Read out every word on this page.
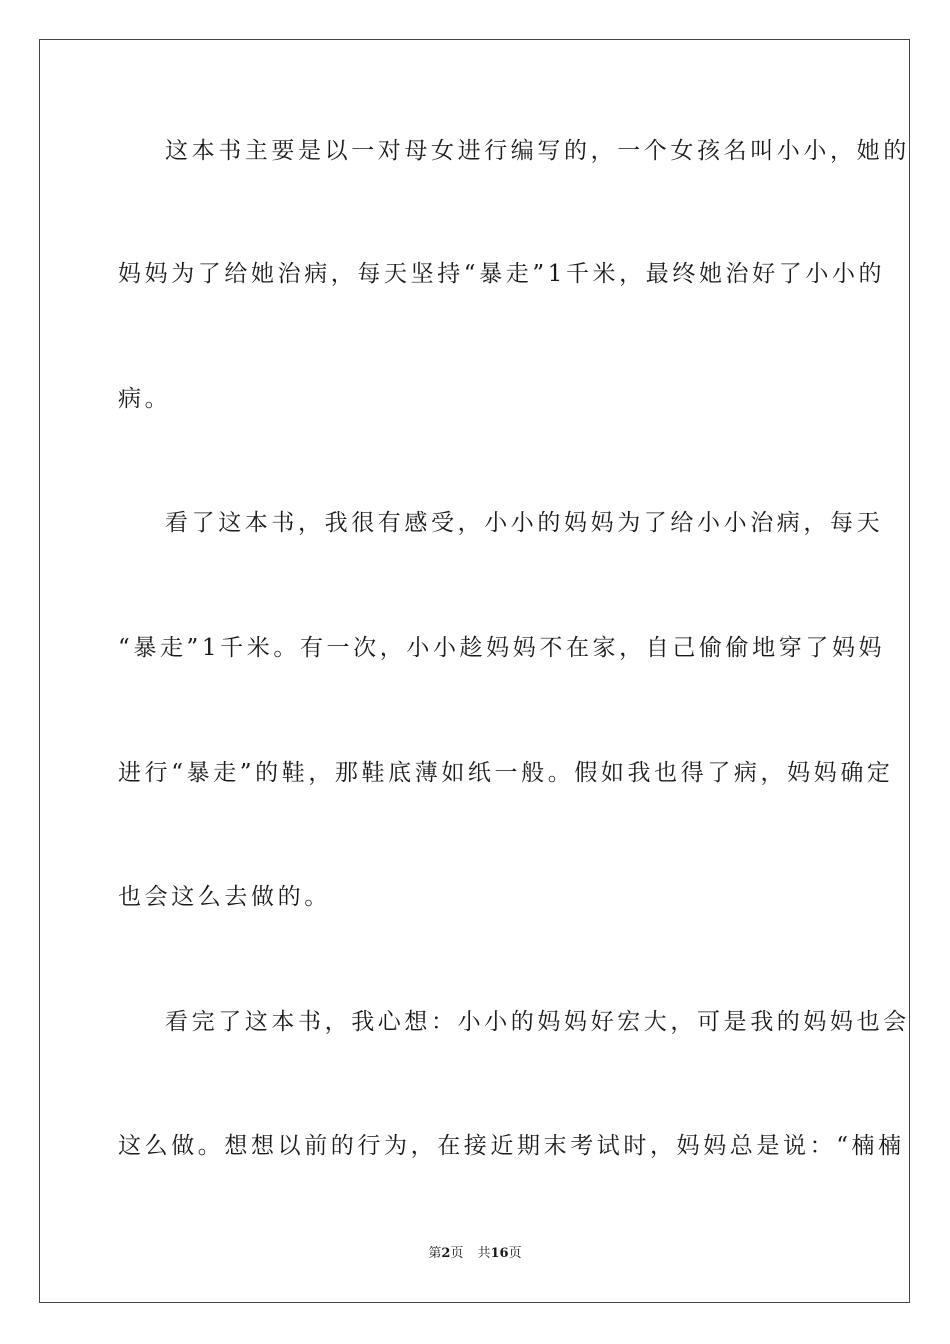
这本书主要是以一对母女进行编写的，一个女孩名叫小小，她的
妈妈为了给她治病，每天坚持“暴走”1千米，最终她治好了小小的
病。
看了这本书，我很有感受，小小的妈妈为了给小小治病，每天
“暴走”1千米。有一次，小小趁妈妈不在家，自己偷偷地穿了妈妈
进行“暴走”的鞋，那鞋底薄如纸一般。假如我也得了病，妈妈确定
也会这么去做的。
看完了这本书，我心想：小小的妈妈好宏大，可是我的妈妈也会
这么做。想想以前的行为，在接近期末考试时，妈妈总是说：“楠楠
第2页 共16页
